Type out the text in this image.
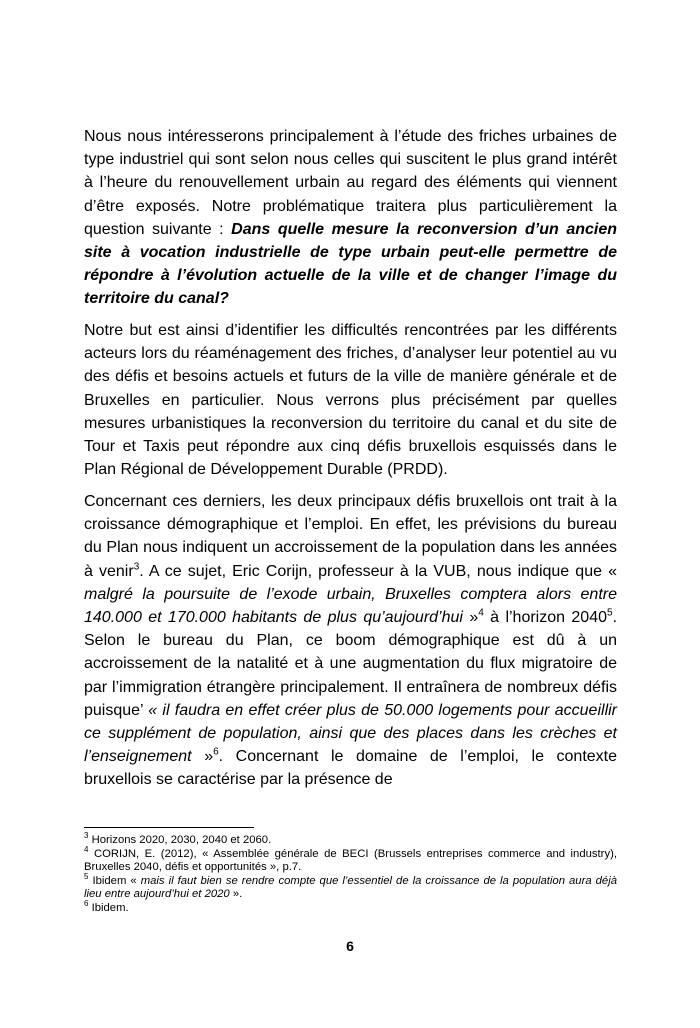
Nous nous intéresserons principalement à l’étude des friches urbaines de type industriel qui sont selon nous celles qui suscitent le plus grand intérêt à l’heure du renouvellement urbain au regard des éléments qui viennent d’être exposés. Notre problématique traitera plus particulièrement la question suivante : Dans quelle mesure la reconversion d’un ancien site à vocation industrielle de type urbain peut-elle permettre de répondre à l’évolution actuelle de la ville et de changer l’image du territoire du canal?

Notre but est ainsi d’identifier les difficultés rencontrées par les différents acteurs lors du réaménagement des friches, d’analyser leur potentiel au vu des défis et besoins actuels et futurs de la ville de manière générale et de Bruxelles en particulier. Nous verrons plus précisément par quelles mesures urbanistiques la reconversion du territoire du canal et du site de Tour et Taxis peut répondre aux cinq défis bruxellois esquissés dans le Plan Régional de Développement Durable (PRDD).

Concernant ces derniers, les deux principaux défis bruxellois ont trait à la croissance démographique et l’emploi. En effet, les prévisions du bureau du Plan nous indiquent un accroissement de la population dans les années à venir$^3$. A ce sujet, Eric Corijn, professeur à la VUB, nous indique que « malgré la poursuite de l’exode urbain, Bruxelles comptera alors entre 140.000 et 170.000 habitants de plus qu’aujourd’hui »$^4$ à l’horizon 2040$^5$. Selon le bureau du Plan, ce boom démographique est dû à un accroissement de la natalité et à une augmentation du flux migratoire de par l’immigration étrangère principalement. Il entraînera de nombreux défis puisque’ « il faudra en effet créer plus de 50.000 logements pour accueillir ce supplément de population, ainsi que des places dans les crèches et l’enseignement »$^6$. Concernant le domaine de l’emploi, le contexte bruxellois se caractérise par la présence de

$^3$ Horizons 2020, 2030, 2040 et 2060.

$^4$ CORIJN, E. (2012), « Assemblée générale de BECI (Brussels entreprises commerce and industry), Bruxelles 2040, défis et opportunités », p.7.

$^5$ Ibidem « mais il faut bien se rendre compte que l’essentiel de la croissance de la population aura déjà lieu entre aujourd’hui et 2020 ».

$^6$ Ibidem.

6
